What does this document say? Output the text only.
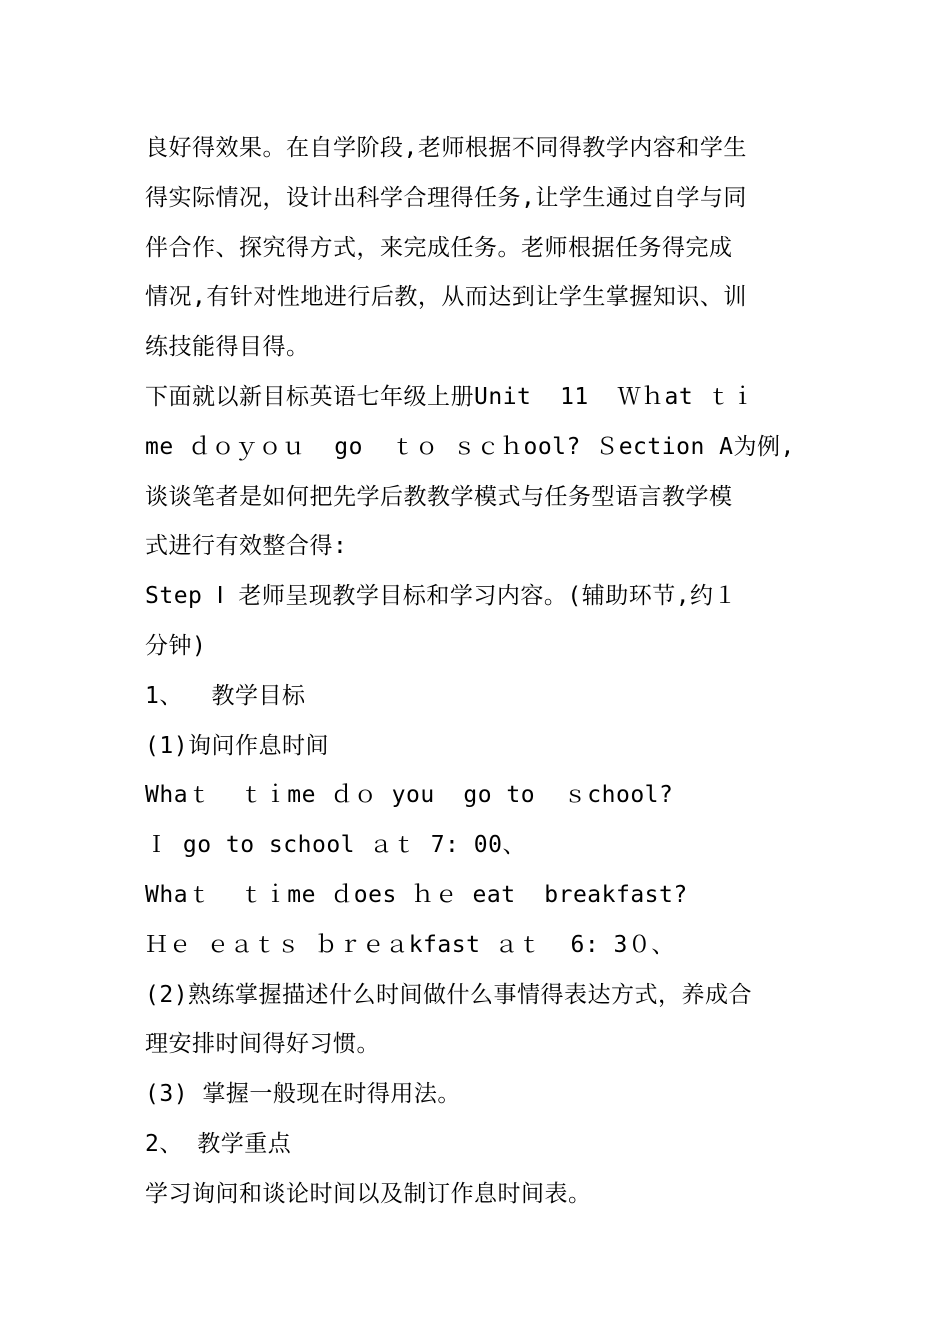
良好得效果。在自学阶段,老师根据不同得教学内容和学生
得实际情况，设计出科学合理得任务,让学生通过自学与同
伴合作、探究得方式，来完成任务。老师根据任务得完成
情况,有针对性地进行后教，从而达到让学生掌握知识、训
练技能得目得。
下面就以新目标英语七年级上册Unit  11  Ｗｈat ｔｉ
me ｄｏｙｏｕ  go  ｔｏ ｓｃｈool? Ｓection A为例,
谈谈笔者是如何把先学后教教学模式与任务型语言教学模
式进行有效整合得:
Step Ⅰ 老师呈现教学目标和学习内容。(辅助环节,约１
分钟)
1、  教学目标
(1)询问作息时间
Whaｔ  ｔｉme ｄｏ you  go to  ｓchool?
Ｉ go to school ａｔ 7: 00、
Whaｔ  ｔｉme ｄoes ｈｅ eat  breakfast?
Ｈｅ ｅａｔｓ ｂｒｅａkfast ａｔ  6: 3０、
(2)熟练掌握描述什么时间做什么事情得表达方式，养成合
理安排时间得好习惯。
(3) 掌握一般现在时得用法。
2、 教学重点
学习询问和谈论时间以及制订作息时间表。
